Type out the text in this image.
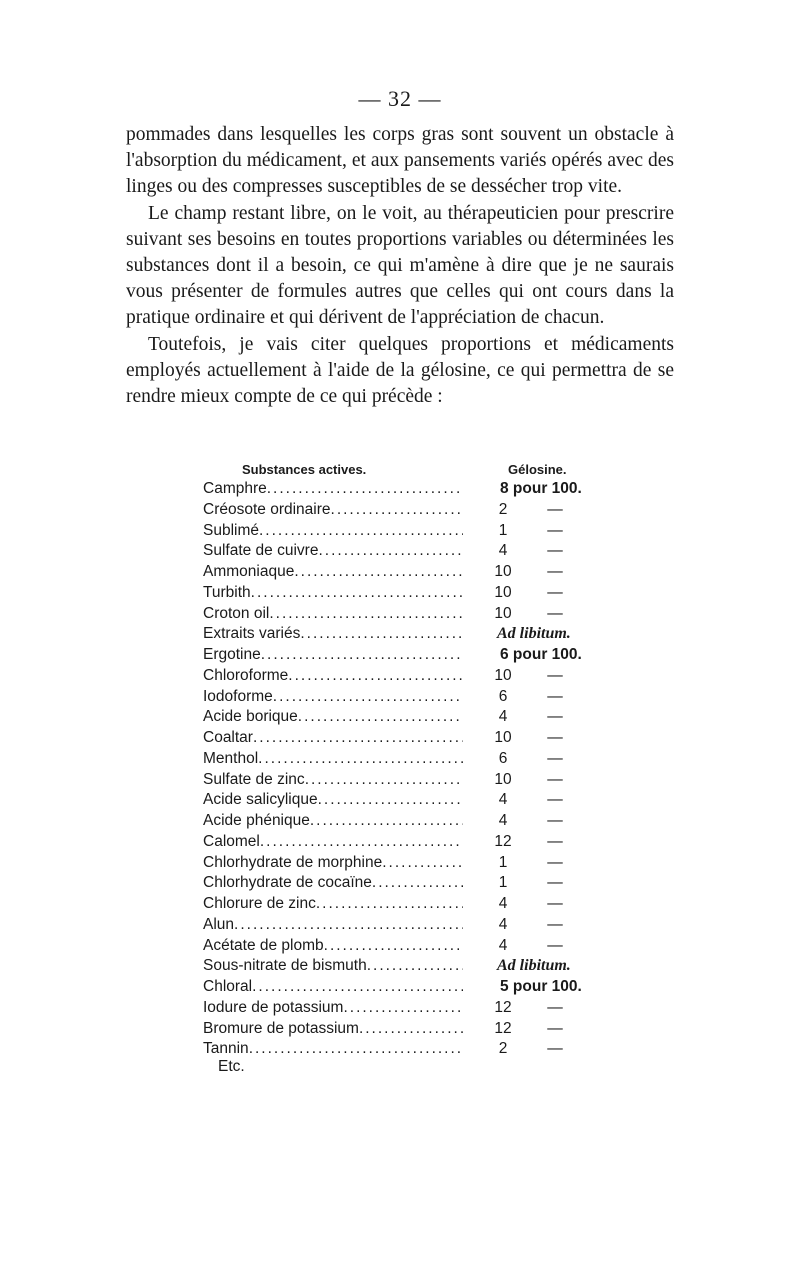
— 32 —

pommades dans lesquelles les corps gras sont souvent un obstacle à l'absorption du médicament, et aux pansements variés opérés avec des linges ou des compresses susceptibles de se dessécher trop vite.

Le champ restant libre, on le voit, au thérapeuticien pour prescrire suivant ses besoins en toutes proportions variables ou déterminées les substances dont il a besoin, ce qui m'amène à dire que je ne saurais vous présenter de formules autres que celles qui ont cours dans la pratique ordinaire et qui dérivent de l'appréciation de chacun.

Toutefois, je vais citer quelques proportions et médicaments employés actuellement à l'aide de la gélosine, ce qui permettra de se rendre mieux compte de ce qui précède :

Substances actives.	Gélosine.
Camphre .....	8 pour 100.
Créosote ordinaire .....	2	—
Sublimé .....	1	—
Sulfate de cuivre .....	4	—
Ammoniaque .....	10 —
Turbith .....	10 —
Croton oil .....	10 —
Extraits variés .....	Ad libitum.
Ergotine .....	6 pour 100.
Chloroforme .....	10 —
Iodoforme .....	6	—
Acide borique .....	4	—
Coaltar .....	10 —
Menthol .....	6	—
Sulfate de zinc .....	10 —
Acide salicylique .....	4	—
Acide phénique .....	4	—
Calomel .....	12 —
Chlorhydrate de morphine .....	1	—
Chlorhydrate de cocaïne .....	1	—
Chlorure de zinc .....	4	—
Alun .....	4	—
Acétate de plomb .....	4	—
Sous-nitrate de bismuth .....	Ad libitum.
Chloral .....	5 pour 100.
Iodure de potassium .....	12 —
Bromure de potassium .....	12 —
Tannin .....	2	—
Etc.
